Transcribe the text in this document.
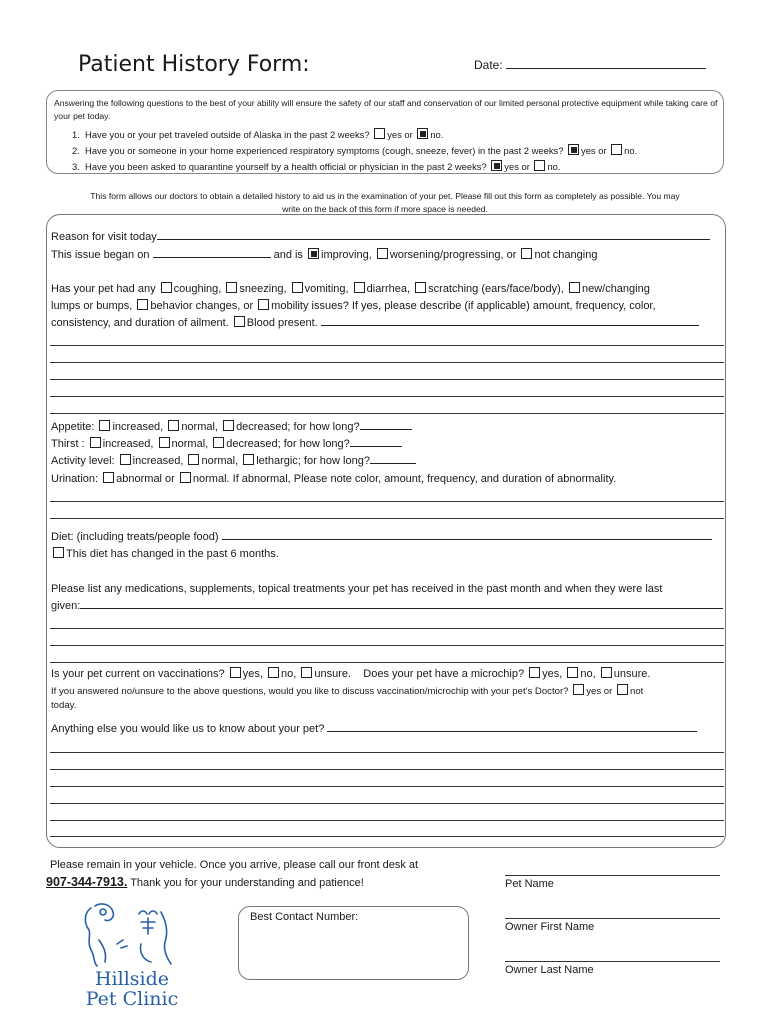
Patient History Form:	Date:
Answering the following questions to the best of your ability will ensure the safety of our staff and conservation of our limited personal protective equipment while taking care of your pet today.
1. Have you or your pet traveled outside of Alaska in the past 2 weeks? yes or no.
2. Have you or someone in your home experienced respiratory symptoms (cough, sneeze, fever) in the past 2 weeks? yes or no.
3. Have you been asked to quarantine yourself by a health official or physician in the past 2 weeks? yes or no.
This form allows our doctors to obtain a detailed history to aid us in the examination of your pet. Please fill out this form as completely as possible. You may
write on the back of this form if more space is needed.
Reason for visit today
This issue began on	and is improving, worsening/progressing, or not changing
Has your pet had any coughing, sneezing, vomiting, diarrhea, scratching (ears/face/body), new/changing
lumps or bumps, behavior changes, or mobility issues? If yes, please describe (if applicable) amount, frequency, color,
consistency, and duration of ailment. Blood present.
Appetite: increased, normal, decreased; for how long?
Thirst : increased, normal, decreased; for how long?
Activity level: increased, normal, lethargic; for how long?
Urination: abnormal or normal. If abnormal, Please note color, amount, frequency, and duration of abnormality.
Diet: (including treats/people food)
This diet has changed in the past 6 months.
Please list any medications, supplements, topical treatments your pet has received in the past month and when they were last
given:
Is your pet current on vaccinations? yes, no, unsure. Does your pet have a microchip? yes, no, unsure.
If you answered no/unsure to the above questions, would you like to discuss vaccination/microchip with your pet's Doctor? yes or not
today.
Anything else you would like us to know about your pet?
Please remain in your vehicle. Once you arrive, please call our front desk at
907-344-7913. Thank you for your understanding and patience!
Best Contact Number:
Pet Name
Owner First Name
Owner Last Name
Hillside
Pet Clinic
